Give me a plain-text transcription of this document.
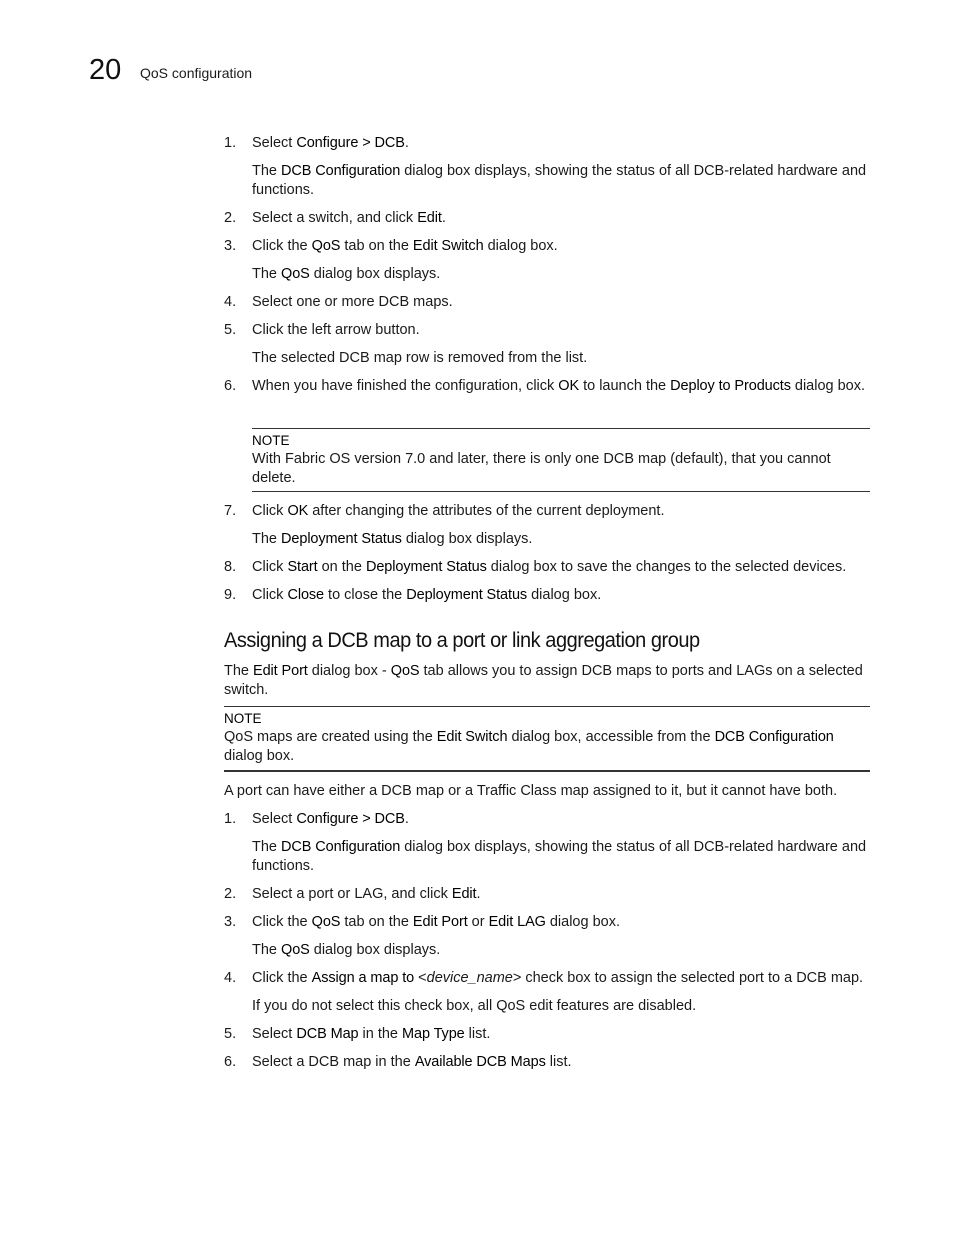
20 QoS configuration
1.	Select Configure > DCB.
The DCB Configuration dialog box displays, showing the status of all DCB-related hardware and functions.
2.	Select a switch, and click Edit.
3.	Click the QoS tab on the Edit Switch dialog box.
The QoS dialog box displays.
4.	Select one or more DCB maps.
5.	Click the left arrow button.
The selected DCB map row is removed from the list.
6.	When you have finished the configuration, click OK to launch the Deploy to Products dialog box.
NOTE
With Fabric OS version 7.0 and later, there is only one DCB map (default), that you cannot delete.
7.	Click OK after changing the attributes of the current deployment.
The Deployment Status dialog box displays.
8.	Click Start on the Deployment Status dialog box to save the changes to the selected devices.
9.	Click Close to close the Deployment Status dialog box.
Assigning a DCB map to a port or link aggregation group
The Edit Port dialog box - QoS tab allows you to assign DCB maps to ports and LAGs on a selected switch.
NOTE
QoS maps are created using the Edit Switch dialog box, accessible from the DCB Configuration dialog box.
A port can have either a DCB map or a Traffic Class map assigned to it, but it cannot have both.
1.	Select Configure > DCB.
The DCB Configuration dialog box displays, showing the status of all DCB-related hardware and functions.
2.	Select a port or LAG, and click Edit.
3.	Click the QoS tab on the Edit Port or Edit LAG dialog box.
The QoS dialog box displays.
4.	Click the Assign a map to <device_name> check box to assign the selected port to a DCB map.
If you do not select this check box, all QoS edit features are disabled.
5.	Select DCB Map in the Map Type list.
6.	Select a DCB map in the Available DCB Maps list.
